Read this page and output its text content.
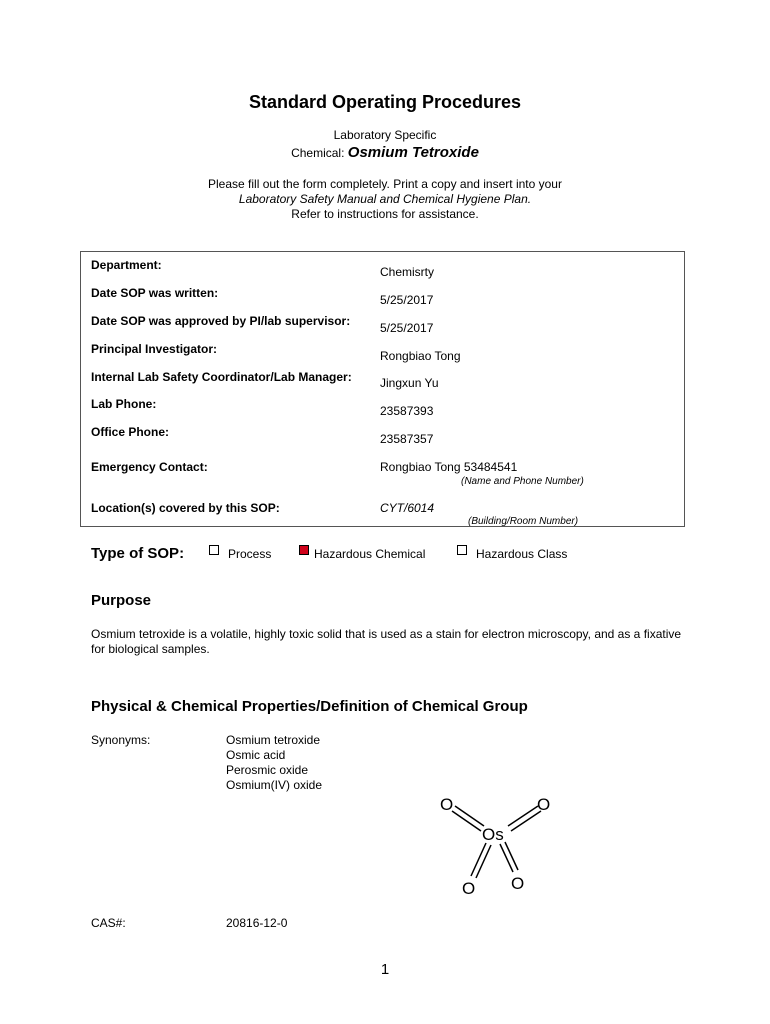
Standard Operating Procedures
Laboratory Specific
Chemical: Osmium Tetroxide
Please fill out the form completely. Print a copy and insert into your
Laboratory Safety Manual and Chemical Hygiene Plan.
Refer to instructions for assistance.
Department:	Chemisrty
Date SOP was written:	5/25/2017
Date SOP was approved by PI/lab supervisor: 5/25/2017
Principal Investigator:	Rongbiao Tong
Internal Lab Safety Coordinator/Lab Manager: Jingxun Yu
Lab Phone:	23587393
Office Phone:	23587357
Emergency Contact:	Rongbiao Tong 53484541
(Name and Phone Number)
Location(s) covered by this SOP:	CYT/6014
(Building/Room Number)
Type of SOP:	Process	Hazardous Chemical	Hazardous Class
Purpose
Osmium tetroxide is a volatile, highly toxic solid that is used as a stain for electron microscopy, and as a fixative for biological samples.
Physical & Chemical Properties/Definition of Chemical Group
Synonyms:	Osmium tetroxide
Osmic acid
Perosmic oxide
Osmium(IV) oxide
O	O
Os
O O
CAS#:	20816-12-0
1
